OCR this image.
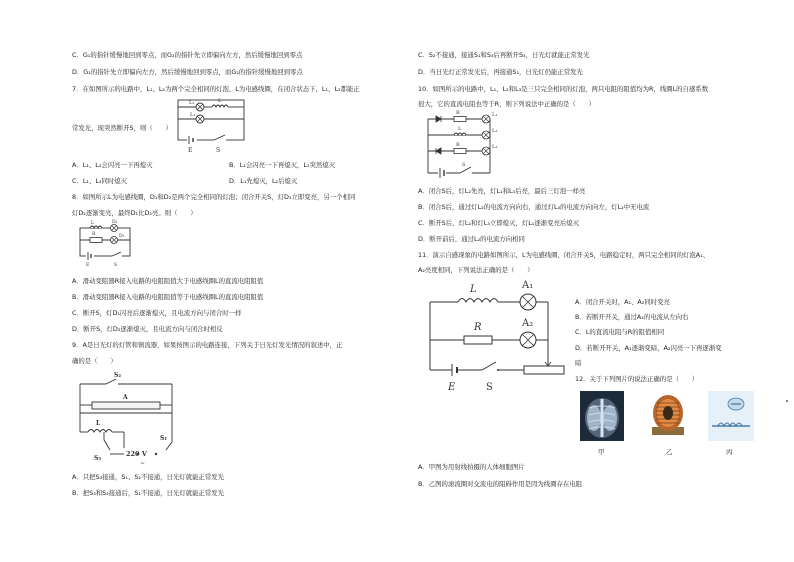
C．G₁的指针缓慢地回到零点，而G₂的指针先立即偏向左方，然后缓慢地回到零点
D．G₁的指针先立即偏向左方，然后缓慢地回到零点，而G₂的指针缓慢地回到零点
7．在如图所示的电路中，L₁、L₂为两个完全相同的灯泡，L为电感线圈，在闭合状态下，L₁、L₂都能正
常发光，现突然断开S，则（　　）
A．L₁、L₂会闪亮一下再熄灭	B．L₁会闪亮一下再熄灭，L₂突然熄灭
C．L₁、L₂同时熄灭	D．L₁先熄灭，L₂后熄灭
8．如图所示L为电感线圈，D₁和D₂是两个完全相同的灯泡；闭合开关S，灯D₁立即变亮，另一个相同
灯D₂逐渐变亮，最终D₁比D₂亮。则（　　）
A．滑动变阻器R接入电路的电阻阻值大于电感线圈L的直流电阻阻值
B．滑动变阻器R接入电路的电阻阻值等于电感线圈L的直流电阻阻值
C．断开S，灯D₁闪亮后逐渐熄灭，且电流方向与闭合时一样
D．断开S，灯D₂逐渐熄灭，且电流方向与闭合时相反
9．A是日光灯的灯管和镇流器，如果按图示的电路连接，下列关于日光灯发光情况的叙述中，正
确的是（　　）
A．只把S₃接通，S₁、S₂不接通，日光灯就能正常发光
B．把S₃和S₂接通后，S₁不接通，日光灯就能正常发光
E	S
L₂	L
L₁
L	D₁
R	D₂
E	S
S₂
A
L
S₃
S₁
220 V
~
C．S₂不接通，接通S₁和S₃后再断开S₃，日光灯就能正常发光
D．当日光灯正常发光后，再接通S₂，日光灯仍能正常发光
10．如图所示的电路中，L₁、L₂和L₃是三只完全相同的灯泡，两只电阻的阻值均为R，线圈L的自感系数
很大，它的直流电阻也等于R，则下列说法中正确的是（　　）
A．闭合S后，灯L₂先亮，灯L₁和L₃后亮，最后三灯泡一样亮
B．闭合S后，通过灯L₂的电流方向向右，通过灯L₃的电流方向向左，灯L₂中无电流
C．断开S后，灯L₂和灯L₃立即熄灭，灯L₁逐渐变亮后熄灭
D．断开前后，通过L₂的电流方向相同
11．演示自感现象的电路如图所示，L为电感线圈，闭合开关S，电路稳定时，两只完全相同的灯泡A₁、
A₂亮度相同，下列说法正确的是（　　）
A．闭合开关时，A₁、A₂同时变亮
B．若断开开关，通过A₂的电流从左向右
C．L的直流电阻与R的阻值相同
D．若断开开关，A₁逐渐变暗，A₂闪亮一下再逐渐变
暗
12．关于下列图片的说法正确的是（　　）
A．甲图为用射线拍摄的人体细胞图片
B．乙图的滚流圈对交流电的阻碍作用是因为线圈存在电阻
R	L₁
L	L₂
R	L₃
S
L	A₁
R	A₂
E	S
甲	乙	丙
